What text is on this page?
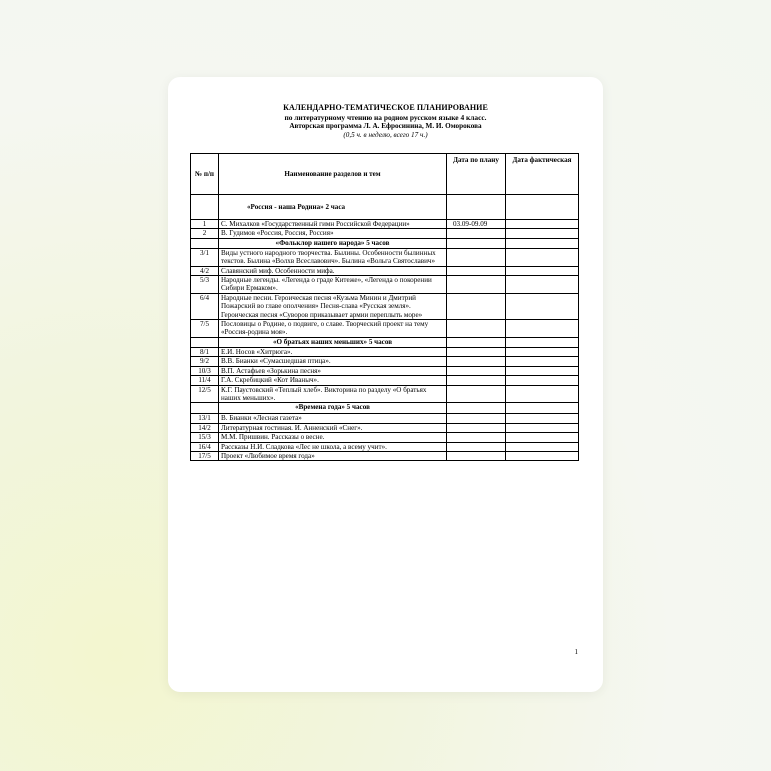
КАЛЕНДАРНО-ТЕМАТИЧЕСКОЕ ПЛАНИРОВАНИЕ
по литературному чтению на родном русском языке 4 класс.
Авторская программа Л. А. Ефросинина, М. И. Оморокова
(0,5 ч. в неделю, всего 17 ч.)
№ п/п	Наименование разделов и тем	Дата по плану	Дата фактическая
	«Россия - наша Родина» 2 часа		
1	С. Михалков «Государственный гимн Российской Федерации»	03.09-09.09	
2	В. Гудимов «Россия, Россия, Россия»		
	«Фольклор нашего народа» 5 часов		
3/1	Виды устного народного творчества. Былины. Особенности былинных текстов. Былина «Волхв Всеславович». Былина «Вольга Святославич»		
4/2	Славянский миф. Особенности мифа.		
5/3	Народные легенды. «Легенда о граде Китеже», «Легенда о покорении Сибири Ермаком».		
6/4	Народные песни. Героическая песня «Кузьма Минин и Дмитрий Пожарский во главе ополчения» Песня-слава «Русская земля». Героическая песня «Суворов приказывает армии переплыть море»		
7/5	Пословицы о Родине, о подвиге, о славе. Творческий проект на тему «Россия-родина моя».		
	«О братьях наших меньших» 5 часов		
8/1	Е.И. Носов «Хитрюга».		
9/2	В.В. Бианки «Сумасшедшая птица».		
10/3	В.П. Астафьев «Зорькина песня»		
11/4	Г.А. Скребицкий «Кот Иваныч».		
12/5	К.Г. Паустовский «Теплый хлеб». Викторина по разделу «О братьях наших меньших».		
	«Времена года» 5 часов		
13/1	В. Бианки «Лесная газета»		
14/2	Литературная гостиная. И. Анненский «Снег».		
15/3	М.М. Пришвин. Рассказы о весне.		
16/4	Рассказы Н.И. Сладкова «Лес не школа, а всему учит».		
17/5	Проект «Любимое время года»		
1
